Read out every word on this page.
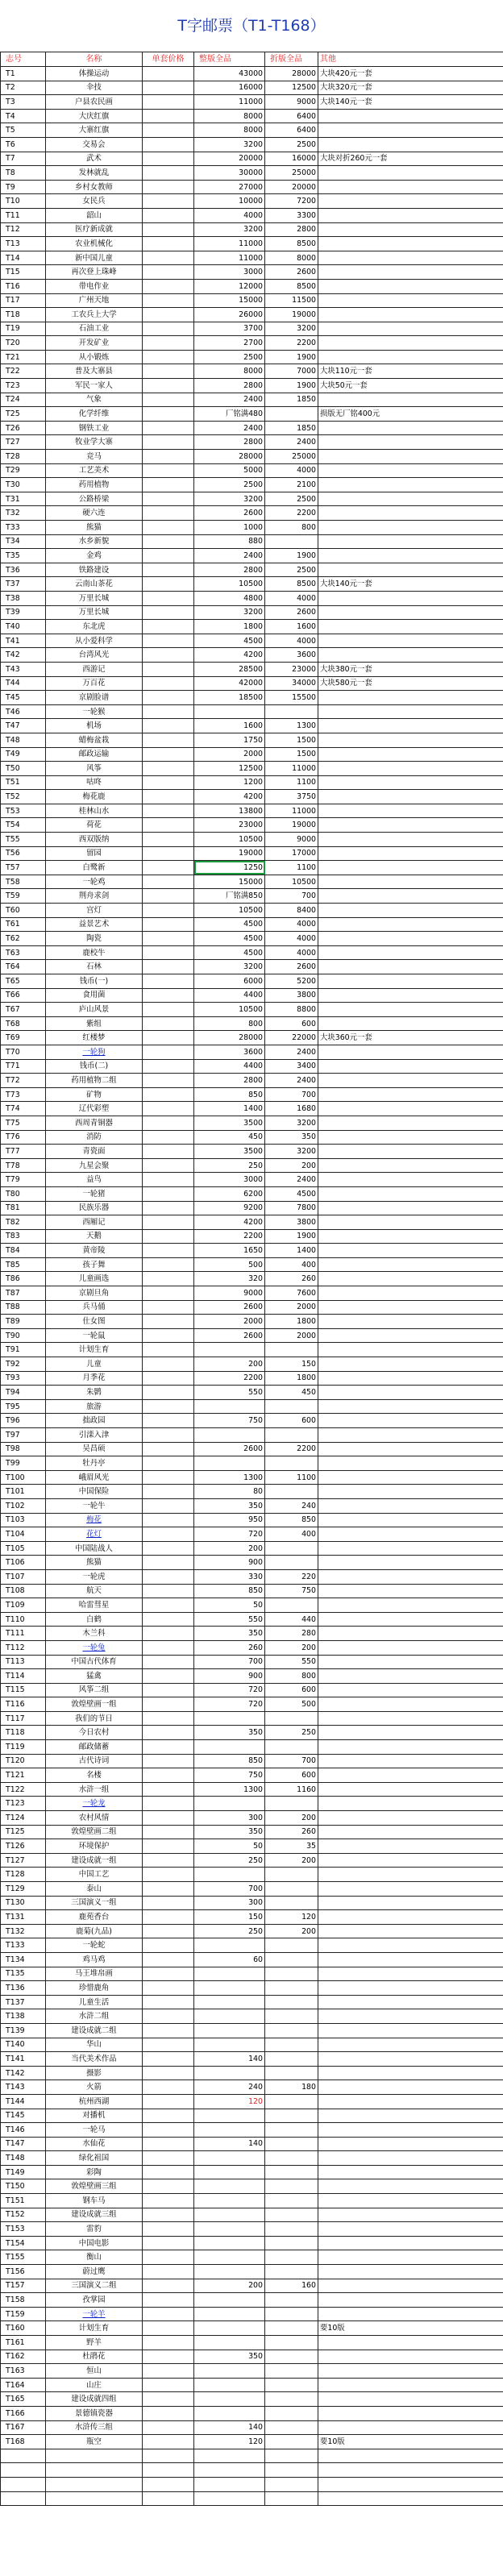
T字邮票（T1-T168）
志号	名称	单套价格	整版全品	折版全品	其他
T1	体操运动		43000	28000	大块420元一套
T2	伞技		16000	12500	大块320元一套
T3	户县农民画		11000	9000	大块140元一套
T4	大庆红旗		8000	6400	
T5	大寨红旗		8000	6400	
T6	交易会		3200	2500	
T7	武术		20000	16000	大块对折260元一套
T8	发林就乱		30000	25000	
T9	乡村女教师		27000	20000	
T10	女民兵		10000	7200	
T11	韶山		4000	3300	
T12	医疗新成就		3200	2800	
T13	农业机械化		11000	8500	
T14	新中国儿童		11000	8000	
T15	再次登上珠峰		3000	2600	
T16	带电作业		12000	8500	
T17	广州天地		15000	11500	
T18	工农兵上大学		26000	19000	
T19	石油工业		3700	3200	
T20	开发矿业		2700	2200	
T21	从小锻炼		2500	1900	
T22	普及大寨县		8000	7000	大块110元一套
T23	军民一家人		2800	1900	大块50元一套
T24	气象		2400	1850	
T25	化学纤维		厂铭满480		损版无厂铭400元
T26	钢铁工业		2400	1850	
T27	牧业学大寨		2800	2400	
T28	竞马		28000	25000	
T29	工艺美术		5000	4000	
T30	药用植物		2500	2100	
T31	公路桥梁		3200	2500	
T32	硬六连		2600	2200	
T33	熊猫		1000	800	
T34	水乡新貌		880		
T35	金鸡		2400	1900	
T36	铁路建设		2800	2500	
T37	云南山茶花		10500	8500	大块140元一套
T38	万里长城		4800	4000	
T39	万里长城		3200	2600	
T40	东北虎		1800	1600	
T41	从小爱科学		4500	4000	
T42	台湾风光		4200	3600	
T43	西游记		28500	23000	大块380元一套
T44	万百花		42000	34000	大块580元一套
T45	京剧脸谱		18500	15500	
T46	一轮猴				
T47	机场		1600	1300	
T48	蜡梅盆栽		1750	1500	
T49	邮政运输		2000	1500	
T50	风筝		12500	11000	
T51	咕咚		1200	1100	
T52	梅花鹿		4200	3750	
T53	桂林山水		13800	11000	
T54	荷花		23000	19000	
T55	西双版纳		10500	9000	
T56	留园		19000	17000	
T57	白鹭新		1250	1100	
T58	一轮鸡		15000	10500	
T59	荆舟求剑		厂铭满850	700	
T60	宫灯		10500	8400	
T61	益景艺术		4500	4000	
T62	陶瓷		4500	4000	
T63	鹿校牛		4500	4000	
T64	石林		3200	2600	
T65	钱币(一)		6000	5200	
T66	食用菌		4400	3800	
T67	庐山风景		10500	8800	
T68	紫组		800	600	
T69	红楼梦		28000	22000	大块360元一套
T70	一轮狗		3600	2400	
T71	钱币(二)		4400	3400	
T72	药用植物二组		2800	2400	
T73	矿物		850	700	
T74	辽代彩塑		1400	1680	
T75	西周青铜器		3500	3200	
T76	消防		450	350	
T77	青瓷面		3500	3200	
T78	九星会聚		250	200	
T79	益鸟		3000	2400	
T80	一轮猪		6200	4500	
T81	民族乐器		9200	7800	
T82	西厢记		4200	3800	
T83	天鹅		2200	1900	
T84	黄帝陵		1650	1400	
T85	孩子舞		500	400	
T86	儿童画选		320	260	
T87	京剧旦角		9000	7600	
T88	兵马俑		2600	2000	
T89	仕女图		2000	1800	
T90	一轮鼠		2600	2000	
T91	计划生育				
T92	儿童		200	150	
T93	月季花		2200	1800	
T94	朱鹮		550	450	
T95	旅游				
T96	拙政园		750	600	
T97	引滦入津				
T98	吴昌硕		2600	2200	
T99	牡丹亭				
T100	峨眉风光		1300	1100	
T101	中国保险		80		
T102	一轮牛		350	240	
T103	梅花		950	850	
T104	花灯		720	400	
T105	中国陆战人		200		
T106	熊猫		900		
T107	一轮虎		330	220	
T108	航天		850	750	
T109	哈雷彗星		50		
T110	白鹤		550	440	
T111	木兰科		350	280	
T112	一轮兔		260	200	
T113	中国古代体育		700	550	
T114	猛禽		900	800	
T115	风筝二组		720	600	
T116	敦煌壁画一组		720	500	
T117	我们的节日				
T118	今日农村		350	250	
T119	邮政储蓄				
T120	古代诗词		850	700	
T121	名楼		750	600	
T122	水浒一组		1300	1160	
T123	一轮龙				
T124	农村风情		300	200	
T125	敦煌壁画二组		350	260	
T126	环境保护		50	35	
T127	建设成就一组		250	200	
T128	中国工艺				
T129	泰山		700		
T130	三国演义一组		300		
T131	鹿苑香台		150	120	
T132	鹿菊(九品)		250	200	
T133	一轮蛇				
T134	鸡马鸡		60		
T135	马王堆帛画				
T136	珍惜鹿角				
T137	儿童生活				
T138	水浒二组				
T139	建设成就二组				
T140	华山				
T141	当代美术作品		140		
T142	摄影				
T143	火箭		240	180	
T144	杭州西湖		120		
T145	对播机				
T146	一轮马				
T147	水仙花		140		
T148	绿化祖国				
T149	彩陶				
T150	敦煌壁画三组				
T151	钢车马				
T152	建设成就三组				
T153	雷豹				
T154	中国电影				
T155	衡山				
T156	蔚过鹰				
T157	三国演义二组		200	160	
T158	孜掌园				
T159	一轮羊				
T160	计划生育				要10版
T161	野羊				
T162	杜鹃花		350		
T163	恒山				
T164	山庄				
T165	建设成就四组				
T166	景德镇瓷器				
T167	水浒传三组		140		
T168	瓶空		120		要10版
